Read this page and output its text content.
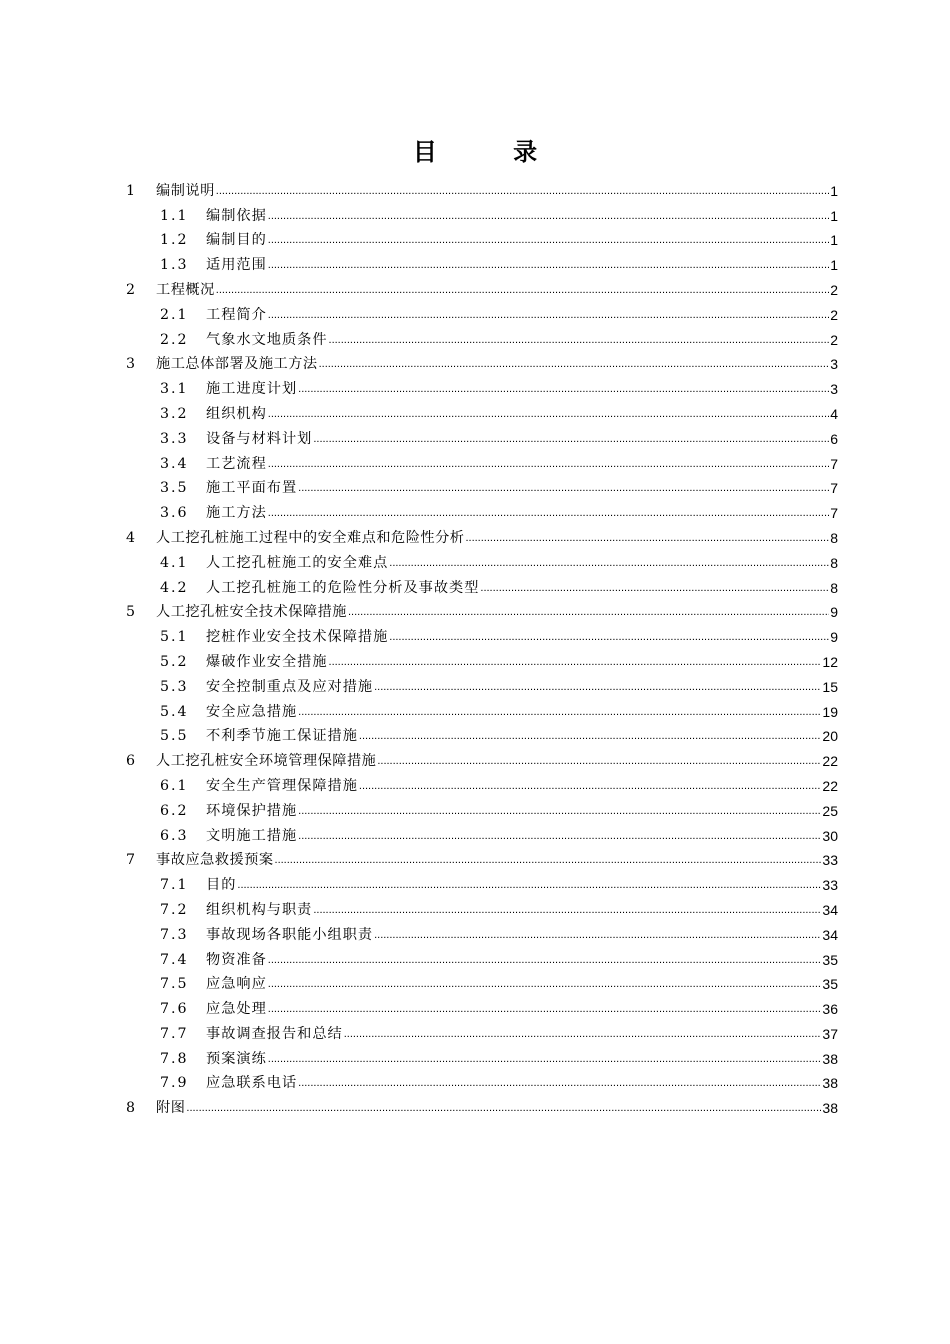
目 录
1	编制说明 .....	1
1.1	编制依据 .....	1
1.2	编制目的 .....	1
1.3	适用范围 .....	1
2	工程概况 .....	2
2.1	工程简介 .....	2
2.2	气象水文地质条件 .....	2
3	施工总体部署及施工方法 .....	3
3.1	施工进度计划 .....	3
3.2	组织机构 .....	4
3.3	设备与材料计划 .....	6
3.4	工艺流程 .....	7
3.5	施工平面布置 .....	7
3.6	施工方法 .....	7
4	人工挖孔桩施工过程中的安全难点和危险性分析 .....	8
4.1	人工挖孔桩施工的安全难点 .....	8
4.2	人工挖孔桩施工的危险性分析及事故类型 .....	8
5	人工挖孔桩安全技术保障措施 .....	9
5.1	挖桩作业安全技术保障措施 .....	9
5.2	爆破作业安全措施 .....	12
5.3	安全控制重点及应对措施 .....	15
5.4	安全应急措施 .....	19
5.5	不利季节施工保证措施 .....	20
6	人工挖孔桩安全环境管理保障措施 .....	22
6.1	安全生产管理保障措施 .....	22
6.2	环境保护措施 .....	25
6.3	文明施工措施 .....	30
7	事故应急救援预案 .....	33
7.1	目的 .....	33
7.2	组织机构与职责 .....	34
7.3	事故现场各职能小组职责 .....	34
7.4	物资准备 .....	35
7.5	应急响应 .....	35
7.6	应急处理 .....	36
7.7	事故调查报告和总结 .....	37
7.8	预案演练 .....	38
7.9	应急联系电话 .....	38
8	附图 .....	38
